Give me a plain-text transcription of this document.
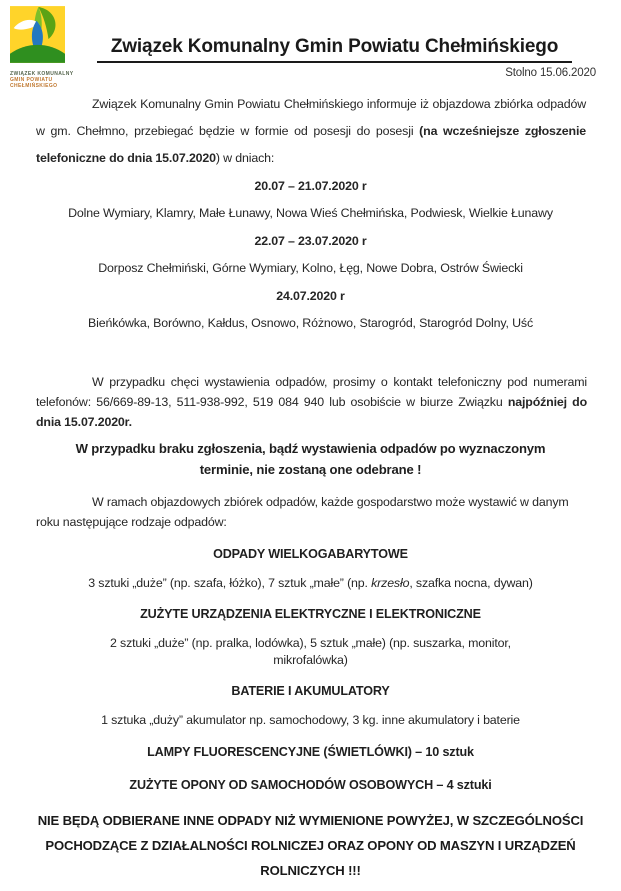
ZWIĄZEK KOMUNALNY
GMIN POWIATU
CHEŁMIŃSKIEGO
Związek Komunalny Gmin Powiatu Chełmińskiego
Stolno 15.06.2020

Związek Komunalny Gmin Powiatu Chełmińskiego informuje iż objazdowa zbiórka odpadów w gm. Chełmno, przebiegać będzie w formie od posesji do posesji (na wcześniejsze zgłoszenie telefoniczne do dnia 15.07.2020) w dniach:

20.07 – 21.07.2020 r
Dolne Wymiary, Klamry, Małe Łunawy, Nowa Wieś Chełmińska, Podwiesk, Wielkie Łunawy
22.07 – 23.07.2020 r
Dorposz Chełmiński, Górne Wymiary, Kolno, Łęg, Nowe Dobra, Ostrów Świecki
24.07.2020 r
Bieńkówka, Borówno, Kałdus, Osnowo, Różnowo, Starogród, Starogród Dolny, Uść

W przypadku chęci wystawienia odpadów, prosimy o kontakt telefoniczny pod numerami telefonów: 56/669-89-13, 511-938-992, 519 084 940 lub osobiście w biurze Związku najpóźniej do dnia 15.07.2020r.

W przypadku braku zgłoszenia, bądź wystawienia odpadów po wyznaczonym terminie, nie zostaną one odebrane !

W ramach objazdowych zbiórek odpadów, każde gospodarstwo może wystawić w danym roku następujące rodzaje odpadów:

ODPADY WIELKOGABARYTOWE
3 sztuki „duże” (np. szafa, łóżko), 7 sztuk „małe” (np. krzesło, szafka nocna, dywan)
ZUŻYTE URZĄDZENIA ELEKTRYCZNE I ELEKTRONICZNE
2 sztuki „duże” (np. pralka, lodówka), 5 sztuk „małe) (np. suszarka, monitor, mikrofalówka)
BATERIE I AKUMULATORY
1 sztuka „duży” akumulator np. samochodowy, 3 kg. inne akumulatory i baterie
LAMPY FLUORESCENCYJNE (ŚWIETLÓWKI) – 10 sztuk
ZUŻYTE OPONY OD SAMOCHODÓW OSOBOWYCH – 4 sztuki
NIE BĘDĄ ODBIERANE INNE ODPADY NIŻ WYMIENIONE POWYŻEJ, W SZCZEGÓLNOŚCI POCHODZĄCE Z DZIAŁALNOŚCI ROLNICZEJ ORAZ OPONY OD MASZYN I URZĄDZEŃ ROLNICZYCH !!!
